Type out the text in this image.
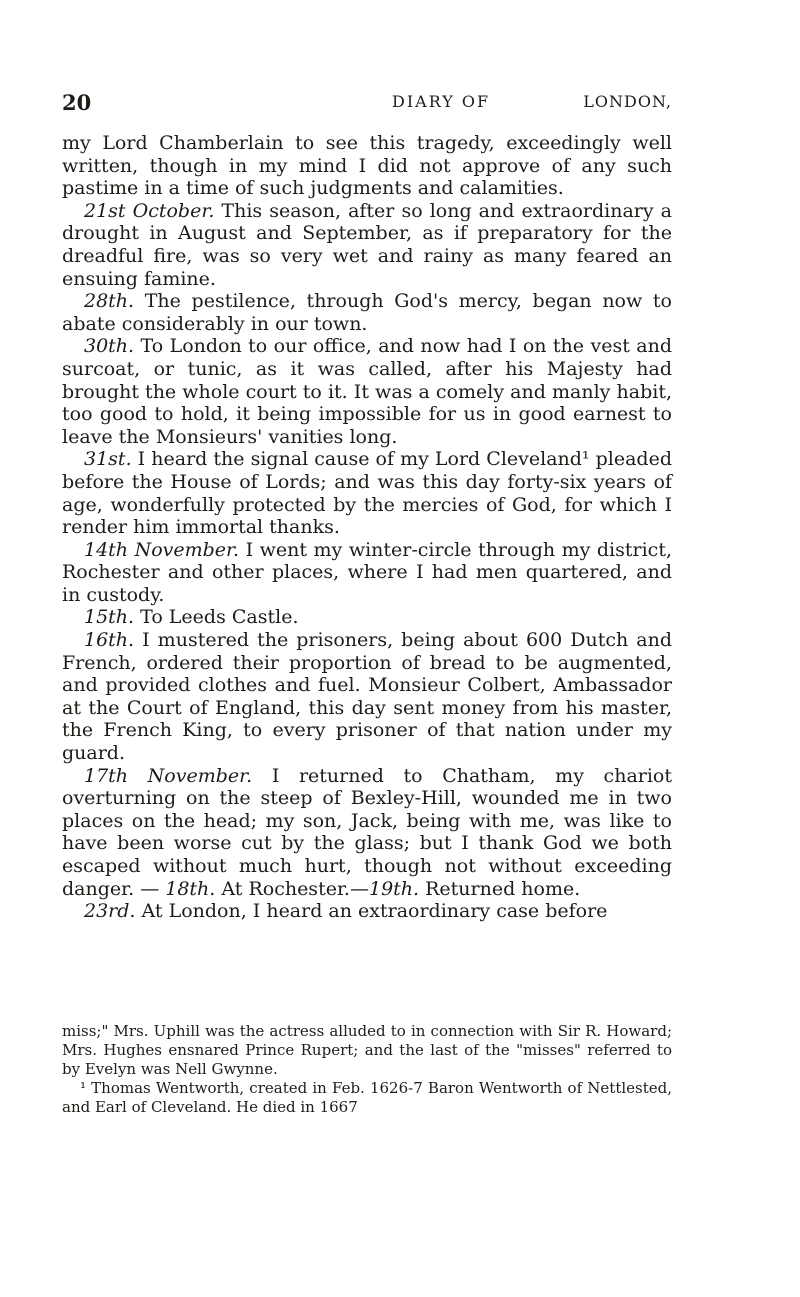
20	DIARY OF	LONDON,

my Lord Chamberlain to see this tragedy, exceedingly well written, though in my mind I did not approve of any such pastime in a time of such judgments and calamities.

21st October. This season, after so long and extraordinary a drought in August and September, as if preparatory for the dreadful fire, was so very wet and rainy as many feared an ensuing famine.

28th. The pestilence, through God's mercy, began now to abate considerably in our town.

30th. To London to our office, and now had I on the vest and surcoat, or tunic, as it was called, after his Majesty had brought the whole court to it. It was a comely and manly habit, too good to hold, it being impossible for us in good earnest to leave the Monsieurs' vanities long.

31st. I heard the signal cause of my Lord Cleveland¹ pleaded before the House of Lords; and was this day forty-six years of age, wonderfully protected by the mercies of God, for which I render him immortal thanks.

14th November. I went my winter-circle through my district, Rochester and other places, where I had men quartered, and in custody.

15th. To Leeds Castle.

16th. I mustered the prisoners, being about 600 Dutch and French, ordered their proportion of bread to be augmented, and provided clothes and fuel. Monsieur Colbert, Ambassador at the Court of England, this day sent money from his master, the French King, to every prisoner of that nation under my guard.

17th November. I returned to Chatham, my chariot overturning on the steep of Bexley-Hill, wounded me in two places on the head; my son, Jack, being with me, was like to have been worse cut by the glass; but I thank God we both escaped without much hurt, though not without exceeding danger. — 18th. At Rochester.—19th. Returned home.

23rd. At London, I heard an extraordinary case before

miss;" Mrs. Uphill was the actress alluded to in connection with Sir R. Howard; Mrs. Hughes ensnared Prince Rupert; and the last of the "misses" referred to by Evelyn was Nell Gwynne.

¹ Thomas Wentworth, created in Feb. 1626-7 Baron Wentworth of Nettlested, and Earl of Cleveland. He died in 1667
